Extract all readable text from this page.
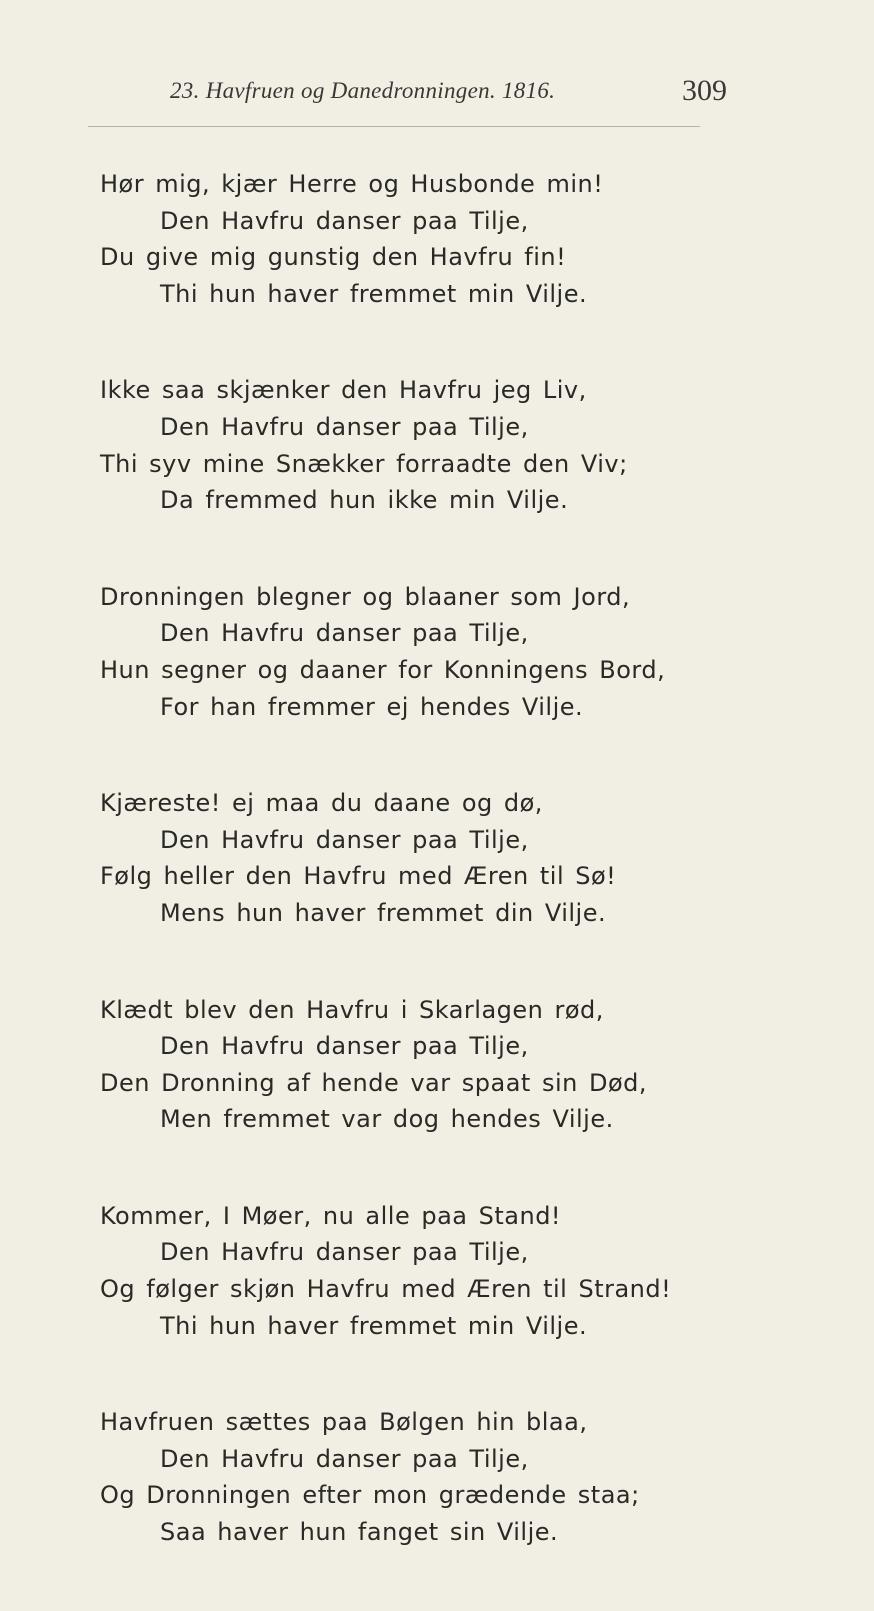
23. Havfruen og Danedronningen. 1816.	309
Hør mig, kjær Herre og Husbonde min!
Den Havfru danser paa Tilje,
Du give mig gunstig den Havfru fin!
Thi hun haver fremmet min Vilje.
Ikke saa skjænker den Havfru jeg Liv,
Den Havfru danser paa Tilje,
Thi syv mine Snækker forraadte den Viv;
Da fremmed hun ikke min Vilje.
Dronningen blegner og blaaner som Jord,
Den Havfru danser paa Tilje,
Hun segner og daaner for Konningens Bord,
For han fremmer ej hendes Vilje.
Kjæreste! ej maa du daane og dø,
Den Havfru danser paa Tilje,
Følg heller den Havfru med Æren til Sø!
Mens hun haver fremmet din Vilje.
Klædt blev den Havfru i Skarlagen rød,
Den Havfru danser paa Tilje,
Den Dronning af hende var spaat sin Død,
Men fremmet var dog hendes Vilje.
Kommer, I Møer, nu alle paa Stand!
Den Havfru danser paa Tilje,
Og følger skjøn Havfru med Æren til Strand!
Thi hun haver fremmet min Vilje.
Havfruen sættes paa Bølgen hin blaa,
Den Havfru danser paa Tilje,
Og Dronningen efter mon grædende staa;
Saa haver hun fanget sin Vilje.
